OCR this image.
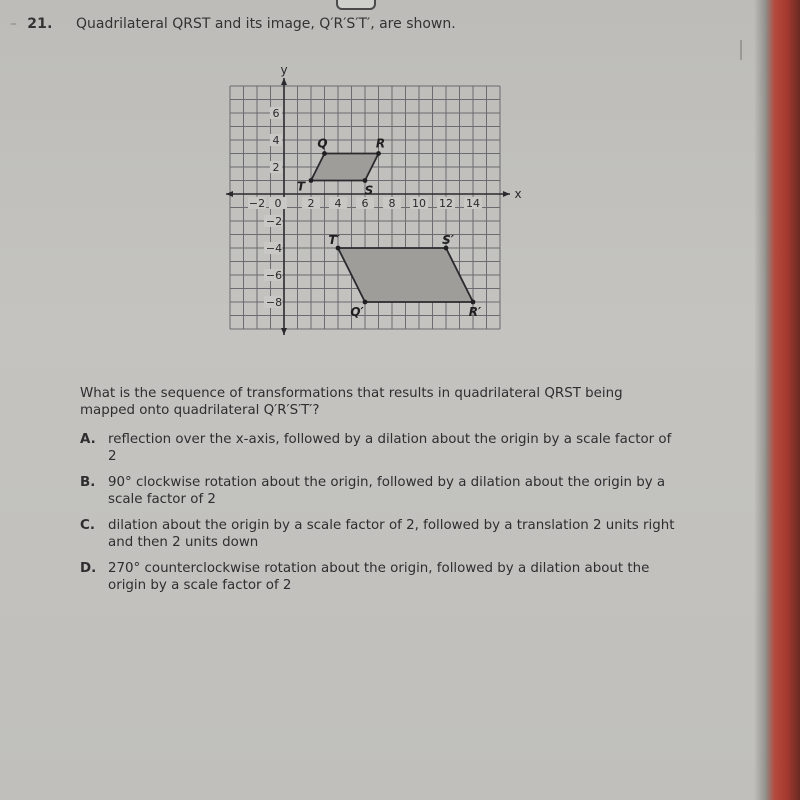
– 21. Quadrilateral QRST and its image, Q′R′S′T′, are shown.
x
y
−2 0 2 4 6 8 10 12 14
6
4
2
−2
−4
−6
−8
Q	R
S
T
Q′	R′
S′
T′
What is the sequence of transformations that results in quadrilateral QRST being mapped onto quadrilateral Q′R′S′T′?
A. reflection over the x-axis, followed by a dilation about the origin by a scale factor of 2
B. 90° clockwise rotation about the origin, followed by a dilation about the origin by a scale factor of 2
C. dilation about the origin by a scale factor of 2, followed by a translation 2 units right and then 2 units down
D. 270° counterclockwise rotation about the origin, followed by a dilation about the origin by a scale factor of 2
